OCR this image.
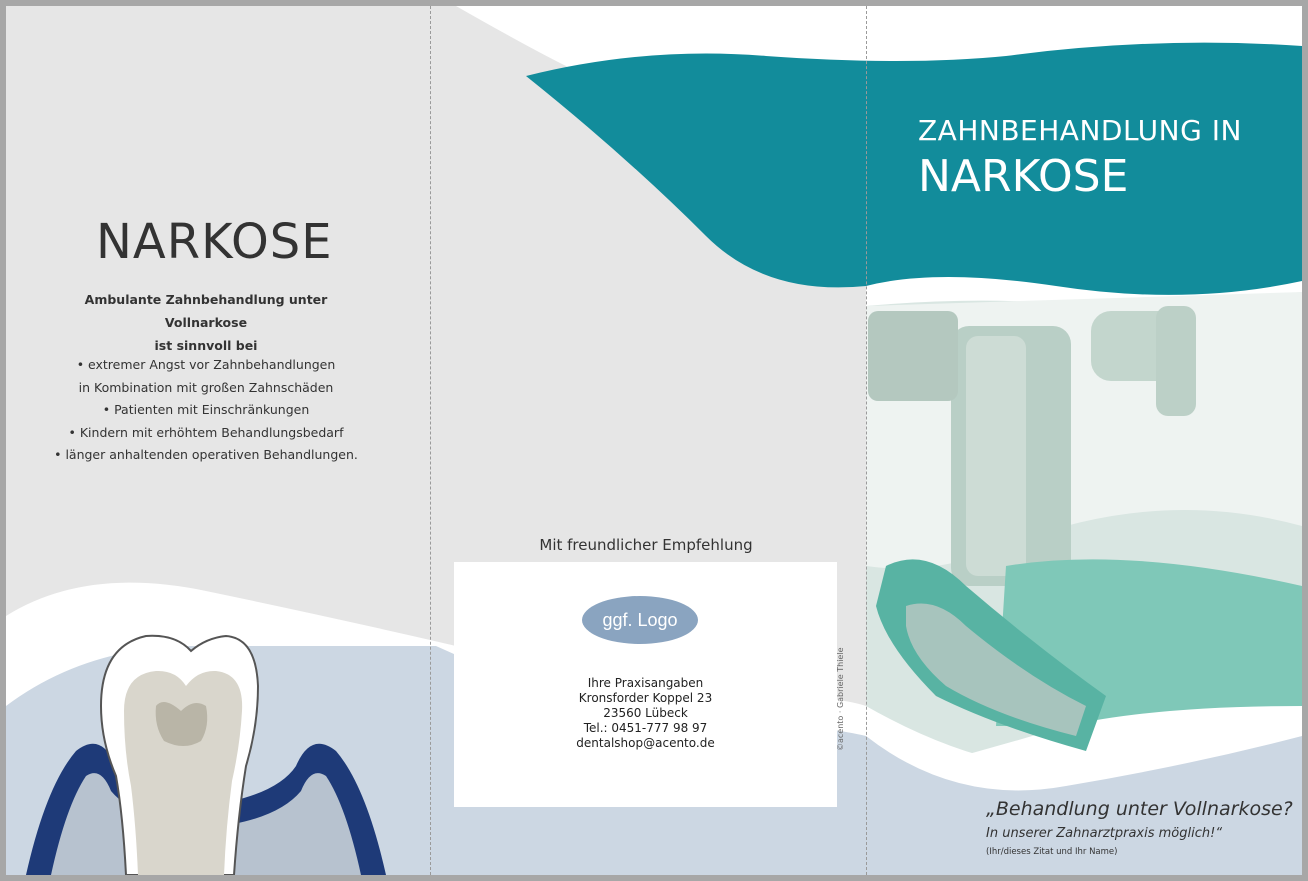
NARKOSE
Ambulante Zahnbehandlung unter Vollnarkose
ist sinnvoll bei
• extremer Angst vor Zahnbehandlungen
in Kombination mit großen Zahnschäden
• Patienten mit Einschränkungen
• Kindern mit erhöhtem Behandlungsbedarf
• länger anhaltenden operativen Behandlungen.
Mit freundlicher Empfehlung
ggf. Logo
Ihre Praxisangaben
Kronsforder Koppel 23
23560 Lübeck
Tel.: 0451-777 98 97
dentalshop@acento.de
ZAHNBEHANDLUNG IN
NARKOSE
©acento · Gabriele Thiele
„Behandlung unter Vollnarkose?
In unserer Zahnarztpraxis möglich!“
(Ihr/dieses Zitat und Ihr Name)
